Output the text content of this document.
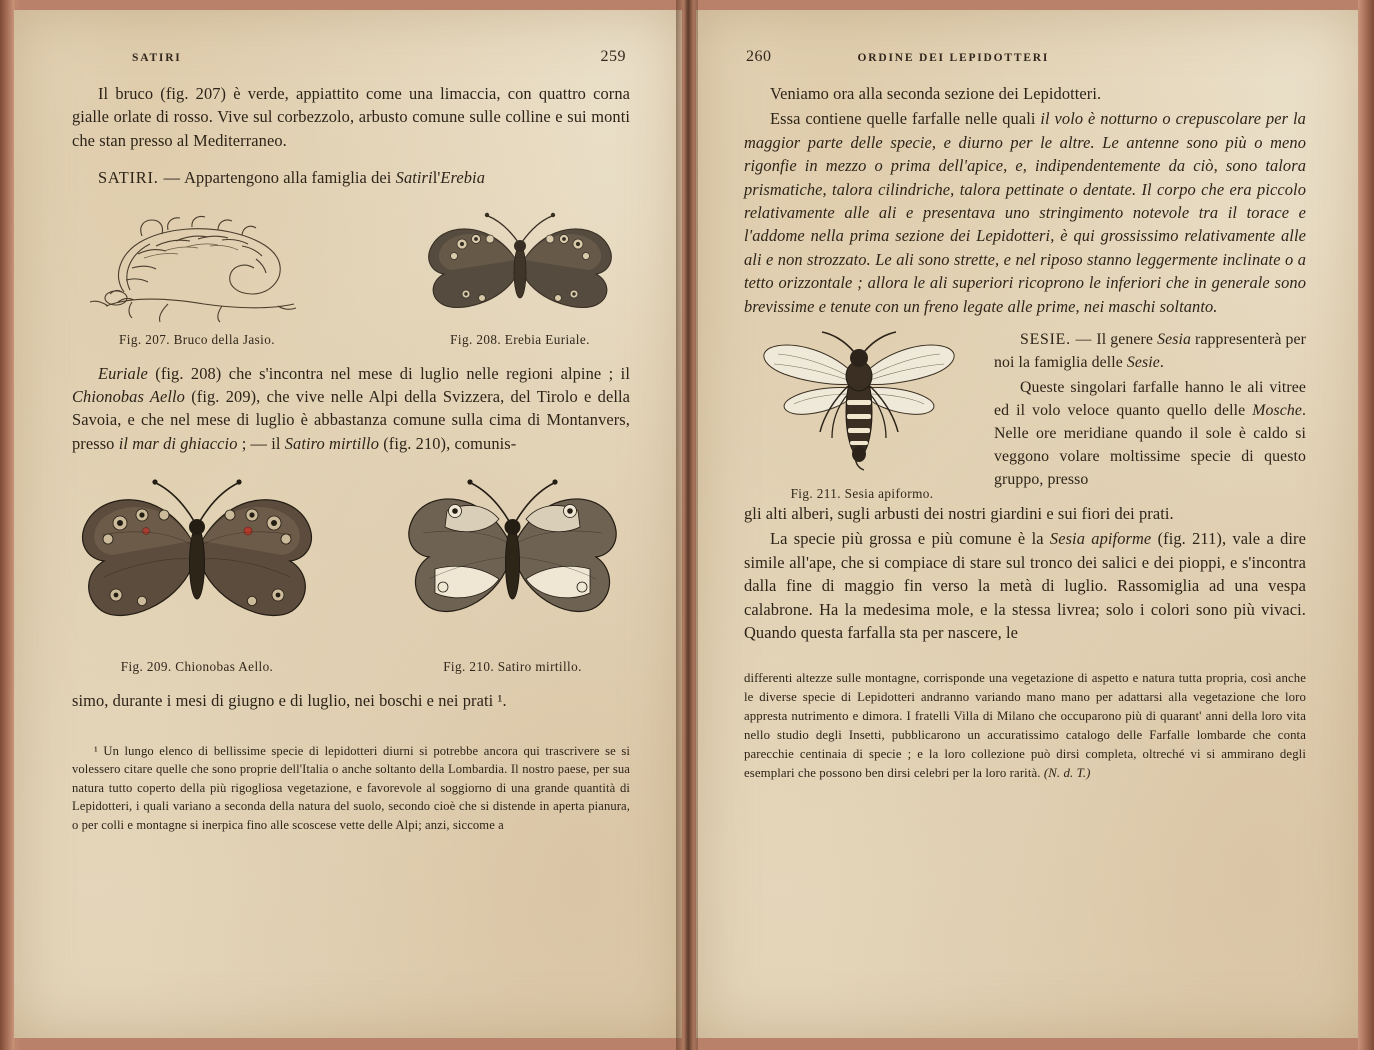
SATIRI	259

Il bruco (fig. 207) è verde, appiattito come una limaccia, con quattro corna gialle orlate di rosso. Vive sul corbezzolo, arbusto comune sulle colline e sui monti che stan presso al Mediterraneo.

SATIRI. — Appartengono alla famiglia dei Satiril'Erebia

Fig. 207. Bruco della Jasio.	Fig. 208. Erebia Euriale.

Euriale (fig. 208) che s'incontra nel mese di luglio nelle regioni alpine ; il Chionobas Aello (fig. 209), che vive nelle Alpi della Svizzera, del Tirolo e della Savoia, e che nel mese di luglio è abbastanza comune sulla cima di Montanvers, presso il mar di ghiaccio ; — il Satiro mirtillo (fig. 210), comunis-

Fig. 209. Chionobas Aello.	Fig. 210. Satiro mirtillo.

simo, durante i mesi di giugno e di luglio, nei boschi e nei prati ¹.

¹ Un lungo elenco di bellissime specie di lepidotteri diurni si potrebbe ancora qui trascrivere se si volessero citare quelle che sono proprie dell'Italia o anche soltanto della Lombardia. Il nostro paese, per sua natura tutto coperto della più rigogliosa vegetazione, e favorevole al soggiorno di una grande quantità di Lepidotteri, i quali variano a seconda della natura del suolo, secondo cioè che si distende in aperta pianura, o per colli e montagne si inerpica fino alle scoscese vette delle Alpi; anzi, siccome a

260	ORDINE DEI LEPIDOTTERI

Veniamo ora alla seconda sezione dei Lepidotteri.

Essa contiene quelle farfalle nelle quali il volo è notturno o crepuscolare per la maggior parte delle specie, e diurno per le altre. Le antenne sono più o meno rigonfie in mezzo o prima dell'apice, e, indipendentemente da ciò, sono talora prismatiche, talora cilindriche, talora pettinate o dentate. Il corpo che era piccolo relativamente alle ali e presentava uno stringimento notevole tra il torace e l'addome nella prima sezione dei Lepidotteri, è qui grossissimo relativamente alle ali e non strozzato. Le ali sono strette, e nel riposo stanno leggermente inclinate o a tetto orizzontale ; allora le ali superiori ricoprono le inferiori che in generale sono brevissime e tenute con un freno legate alle prime, nei maschi soltanto.

Fig. 211. Sesia apiformo.

SESIE. — Il genere Sesia rappresenterà per noi la famiglia delle Sesie.

Queste singolari farfalle hanno le ali vitree ed il volo veloce quanto quello delle Mosche. Nelle ore meridiane quando il sole è caldo si veggono volare moltissime specie di questo gruppo, presso

gli alti alberi, sugli arbusti dei nostri giardini e sui fiori dei prati.

La specie più grossa e più comune è la Sesia apiforme (fig. 211), vale a dire simile all'ape, che si compiace di stare sul tronco dei salici e dei pioppi, e s'incontra dalla fine di maggio fin verso la metà di luglio. Rassomiglia ad una vespa calabrone. Ha la medesima mole, e la stessa livrea; solo i colori sono più vivaci. Quando questa farfalla sta per nascere, le

differenti altezze sulle montagne, corrisponde una vegetazione di aspetto e natura tutta propria, così anche le diverse specie di Lepidotteri andranno variando mano mano per adattarsi alla vegetazione che loro appresta nutrimento e dimora. I fratelli Villa di Milano che occuparono più di quarant' anni della loro vita nello studio degli Insetti, pubblicarono un accuratissimo catalogo delle Farfalle lombarde che conta parecchie centinaia di specie ; e la loro collezione può dirsi completa, oltreché vi si ammirano degli esemplari che possono ben dirsi celebri per la loro rarità. (N. d. T.)
